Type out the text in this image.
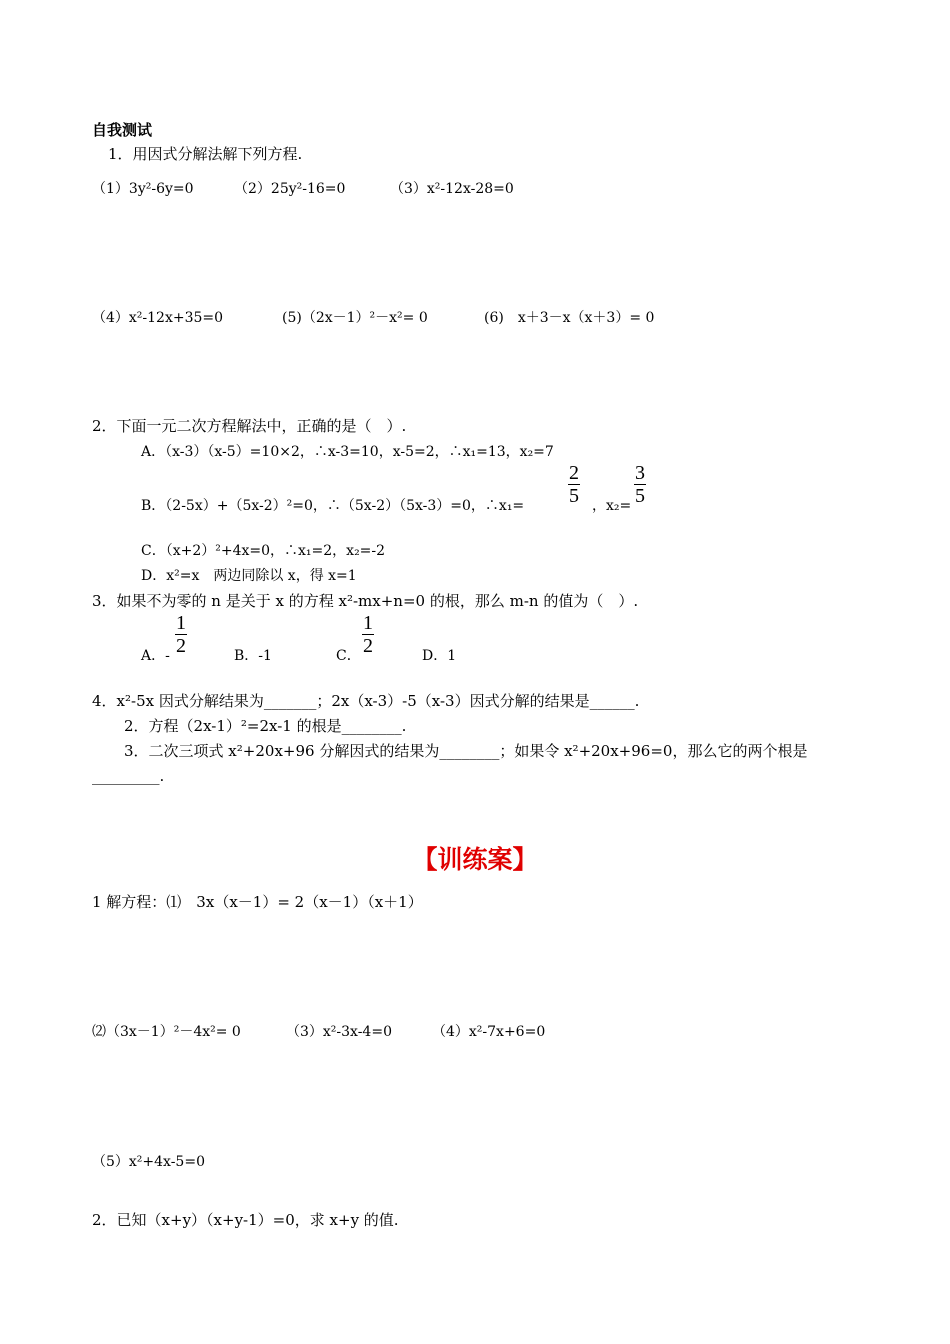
自我测试
1．用因式分解法解下列方程.
（1）3y²-6y=0	（2）25y²-16=0	（3）x²-12x-28=0
（4）x²-12x+35=0	(5)（2x－1）²－x²= 0	(6)　x＋3－x（x＋3）= 0
2．下面一元二次方程解法中，正确的是（　）.
A．（x-3）（x-5）=10×2，∴x-3=10，x-5=2，∴x₁=13，x₂=7
B．（2-5x）+（5x-2）²=0，∴（5x-2）（5x-3）=0，∴x₁= $\frac{2}{5}$ ，$x_2= \frac{3}{5}$
C．（x+2）²+4x=0，∴x₁=2，x₂=-2
D．x²=x　两边同除以 x，得 x=1
3．如果不为零的 n 是关于 x 的方程 x²-mx+n=0 的根，那么 m-n 的值为（　）.
A．- $\frac{1}{2}$	B．-1	C． $\frac{1}{2}$	D．1
4．x²-5x 因式分解结果为_______；2x（x-3）-5（x-3）因式分解的结果是______.
2．方程（2x-1）²=2x-1 的根是________.
3．二次三项式 x²+20x+96 分解因式的结果为________；如果令 x²+20x+96=0，那么它的两个根是
_________.
【训练案】
1 解方程：⑴　3x（x－1）= 2（x－1）（x＋1）
⑵（3x－1）²－4x²= 0	（3）x²-3x-4=0	（4）x²-7x+6=0
（5）x²+4x-5=0
2．已知（x+y）（x+y-1）=0，求 x+y 的值.
